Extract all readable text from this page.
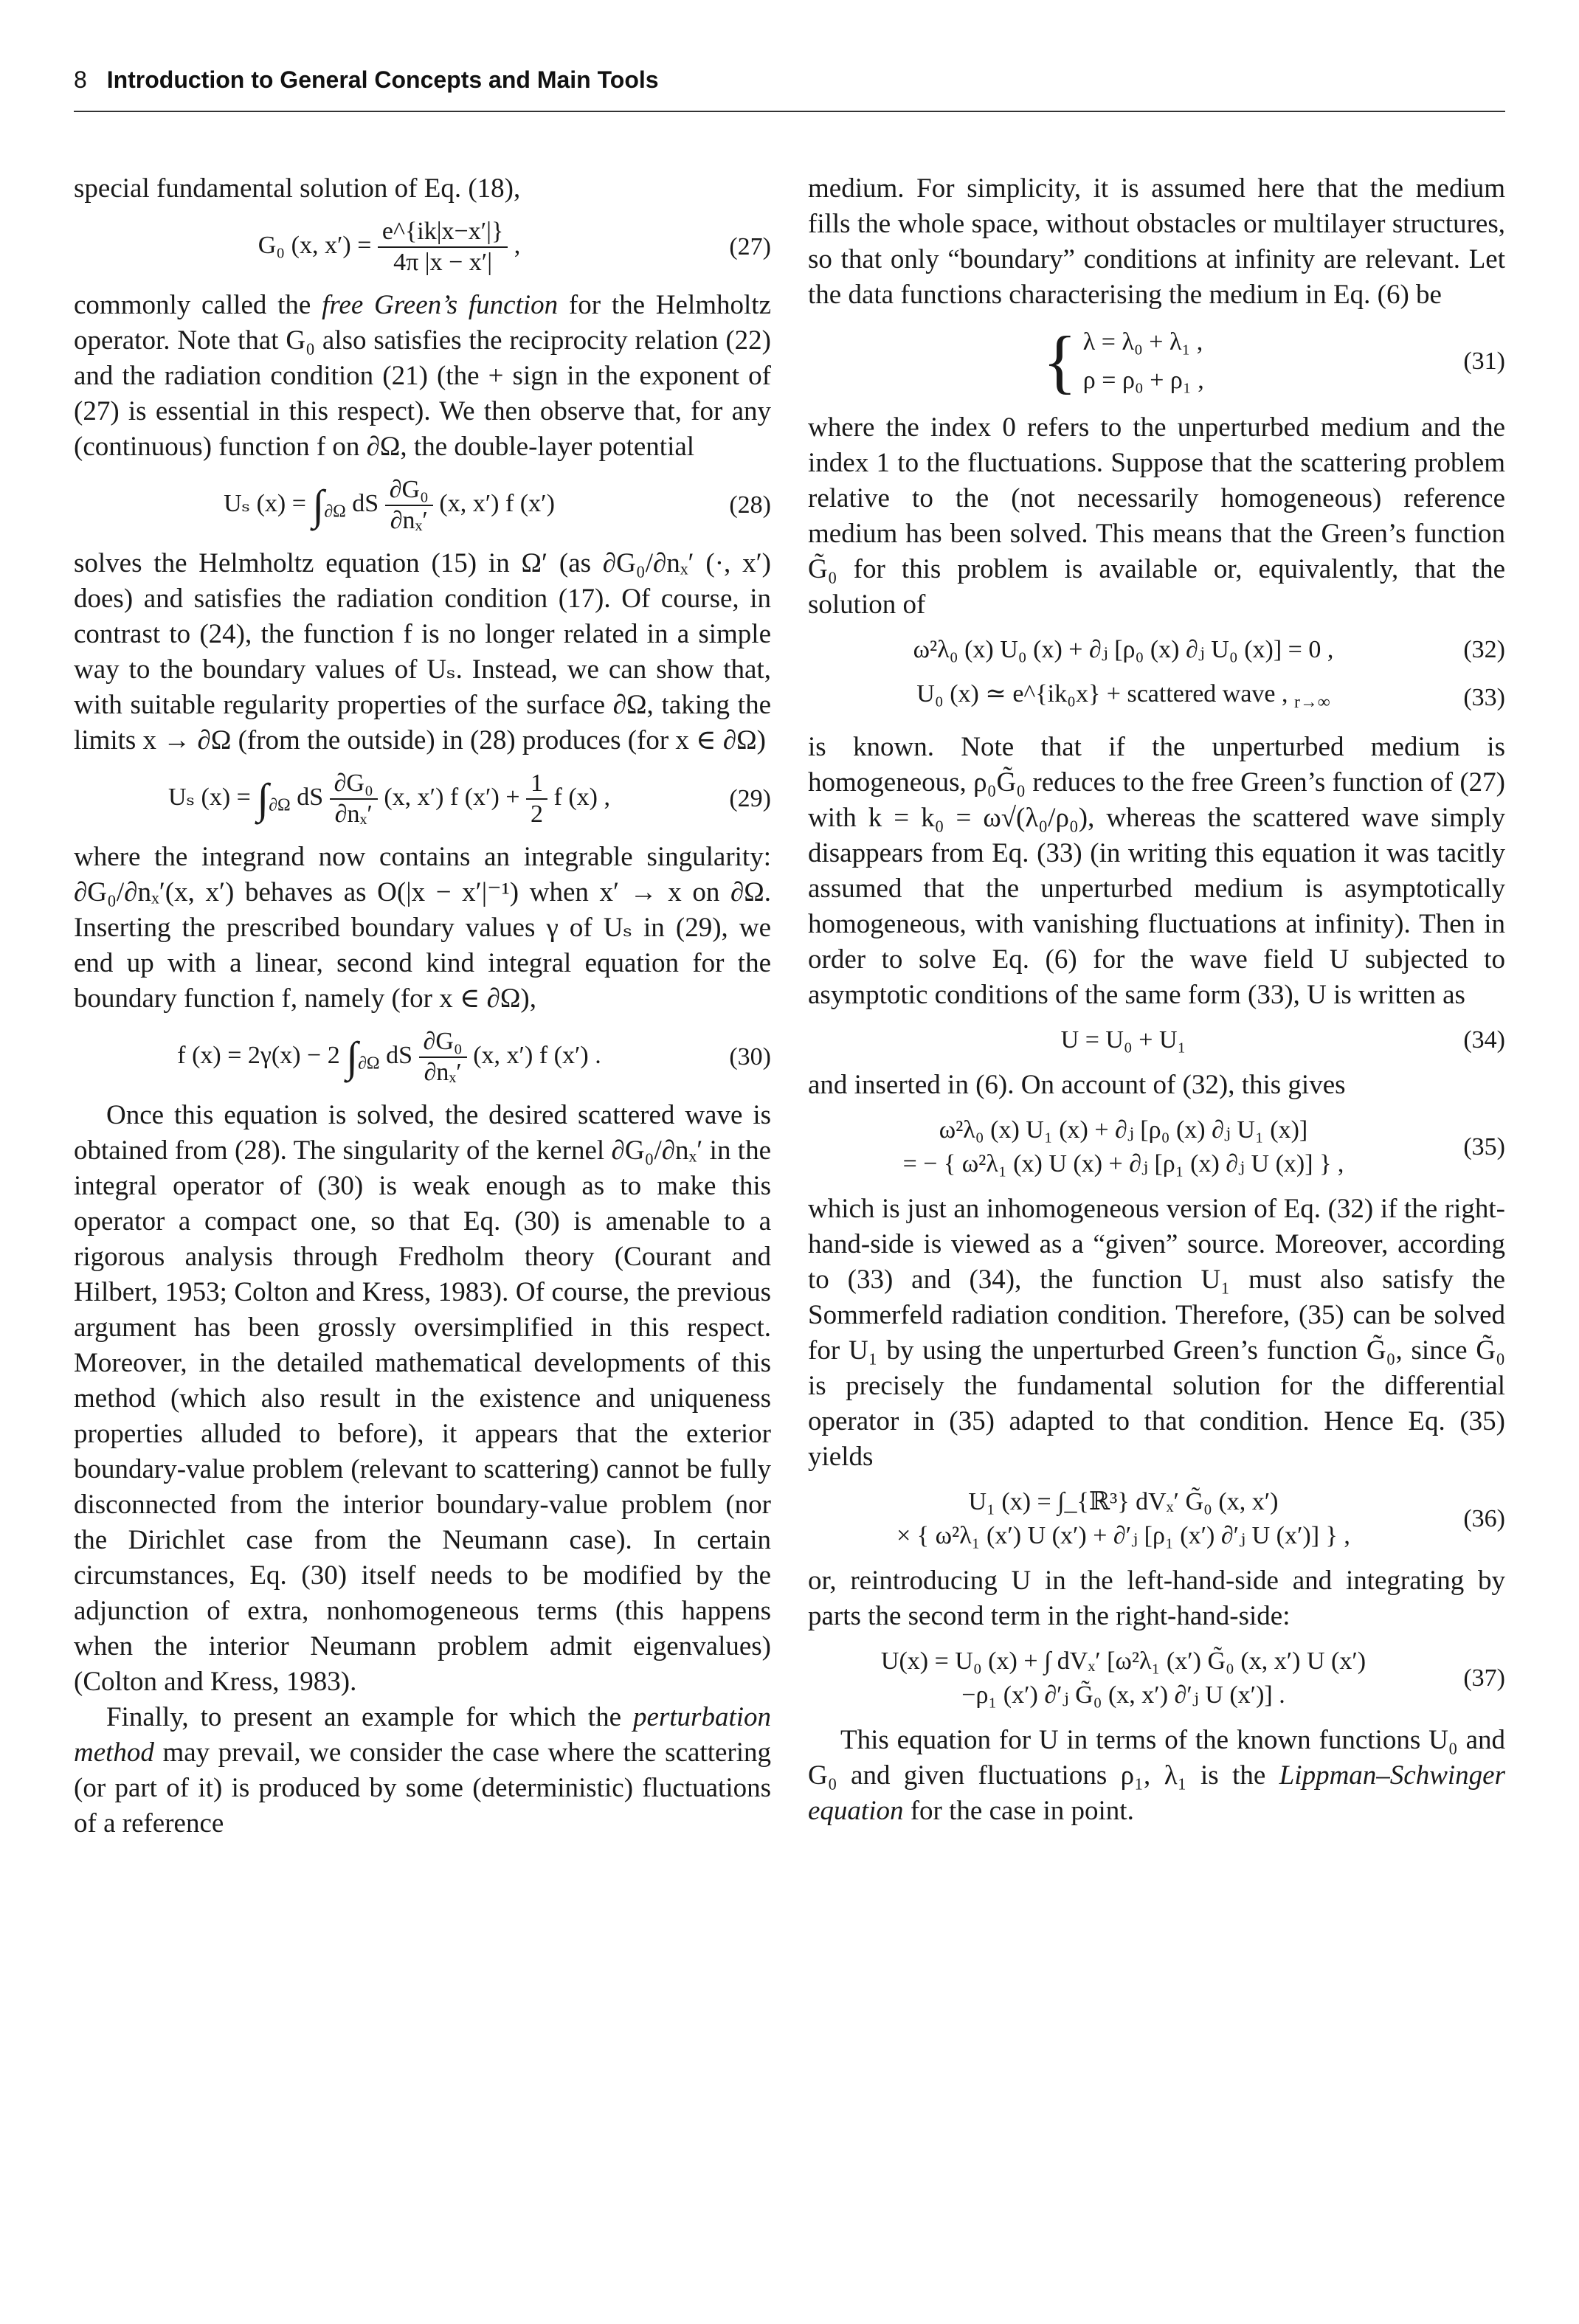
8 Introduction to General Concepts and Main Tools

special fundamental solution of Eq. (18),

G₀ (x, $x') = \frac{e\^{}\{ik|x-x'|\}}{4\pi |x - x'|}$ ,	(27)

commonly called the free Green’s function for the Helmholtz operator. Note that G₀ also satisfies the reciprocity relation (22) and the radiation condition (21) (the + sign in the exponent of (27) is essential in this respect). We then observe that, for any (continuous) function f on ∂Ω, the double-layer potential

Uₛ $(x) = \int_{\partial\Omega}$ dS $\frac{\text{∂G₀}}{\text{∂nₓ′}} (x$, x′) f (x′)	(28)

solves the Helmholtz equation (15) in Ω′ (as ∂G₀/∂nₓ′ (·, x′) does) and satisfies the radiation condition (17). Of course, in contrast to (24), the function f is no longer related in a simple way to the boundary values of Uₛ. Instead, we can show that, with suitable regularity properties of the surface ∂Ω, taking the limits x → ∂Ω (from the outside) in (28) produces (for x ∈ ∂Ω)

Uₛ $(x) = \int_{\partial\Omega}$ dS $\frac{\text{∂G₀}}{\text{∂nₓ′}} (x$, x′) f $(x') + \frac{1}{2}$ f (x) ,	(29)

where the integrand now contains an integrable singularity: ∂G₀/∂nₓ′(x, x′) behaves as O(|x − x′|⁻¹) when x′ → x on ∂Ω. Inserting the prescribed boundary values γ of Uₛ in (29), we end up with a linear, second kind integral equation for the boundary function f, namely (for x ∈ ∂Ω),

f (x) = 2γ(x) − 2 $\int_{\partial\Omega}$ dS $\frac{\text{∂G₀}}{\text{∂nₓ′}} (x$, x′) f (x′) .	(30)

Once this equation is solved, the desired scattered wave is obtained from (28). The singularity of the kernel ∂G₀/∂nₓ′ in the integral operator of (30) is weak enough as to make this operator a compact one, so that Eq. (30) is amenable to a rigorous analysis through Fredholm theory (Courant and Hilbert, 1953; Colton and Kress, 1983). Of course, the previous argument has been grossly oversimplified in this respect. Moreover, in the detailed mathematical developments of this method (which also result in the existence and uniqueness properties alluded to before), it appears that the exterior boundary-value problem (relevant to scattering) cannot be fully disconnected from the interior boundary-value problem (nor the Dirichlet case from the Neumann case). In certain circumstances, Eq. (30) itself needs to be modified by the adjunction of extra, nonhomogeneous terms (this happens when the interior Neumann problem admit eigenvalues) (Colton and Kress, 1983).

Finally, to present an example for which the perturbation method may prevail, we consider the case where the scattering (or part of it) is produced by some (deterministic) fluctuations of a reference

medium. For simplicity, it is assumed here that the medium fills the whole space, without obstacles or multilayer structures, so that only “boundary” conditions at infinity are relevant. Let the data functions characterising the medium in Eq. (6) be

{ λ = λ₀ + λ₁ ,
ρ = ρ₀ + ρ₁ ,
(31)

where the index 0 refers to the unperturbed medium and the index 1 to the fluctuations. Suppose that the scattering problem relative to the (not necessarily homogeneous) reference medium has been solved. This means that the Green’s function G̃₀ for this problem is available or, equivalently, that the solution of

ω²λ₀ (x) U₀ (x) + ∂ⱼ [ρ₀ (x) ∂ⱼ U₀ (x)] = 0 ,	(32)
U₀ (x) ≃ e^{ik₀x} + scattered wave , $_{r\to\infty}$	(33)

is known. Note that if the unperturbed medium is homogeneous, ρ₀G̃₀ reduces to the free Green’s function of (27) with k = k₀ = ω√(λ₀/ρ₀), whereas the scattered wave simply disappears from Eq. (33) (in writing this equation it was tacitly assumed that the unperturbed medium is asymptotically homogeneous, with vanishing fluctuations at infinity). Then in order to solve Eq. (6) for the wave field U subjected to asymptotic conditions of the same form (33), U is written as

U = U₀ + U₁	(34)

and inserted in (6). On account of (32), this gives

ω²λ₀ (x) U₁ (x) + ∂ⱼ [ρ₀ (x) ∂ⱼ U₁ (x)]
= − { ω²λ₁ (x) U (x) + ∂ⱼ [ρ₁ (x) ∂ⱼ U (x)] } ,
(35)

which is just an inhomogeneous version of Eq. (32) if the right-hand-side is viewed as a “given” source. Moreover, according to (33) and (34), the function U₁ must also satisfy the Sommerfeld radiation condition. Therefore, (35) can be solved for U₁ by using the unperturbed Green’s function G̃₀, since G̃₀ is precisely the fundamental solution for the differential operator in (35) adapted to that condition. Hence Eq. (35) yields

U₁ (x) = ∫_{ℝ³} dVₓ′ G̃₀ (x, x′)
× { ω²λ₁ (x′) U (x′) + ∂′ⱼ [ρ₁ (x′) ∂′ⱼ U (x′)] } ,
(36)

or, reintroducing U in the left-hand-side and integrating by parts the second term in the right-hand-side:

U(x) = U₀ (x) + ∫ dVₓ′ [ω²λ₁ (x′) G̃₀ (x, x′) U (x′)
−ρ₁ (x′) ∂′ⱼ G̃₀ (x, x′) ∂′ⱼ U (x′)] .
(37)

This equation for U in terms of the known functions U₀ and G₀ and given fluctuations ρ₁, λ₁ is the Lippman–Schwinger equation for the case in point.
